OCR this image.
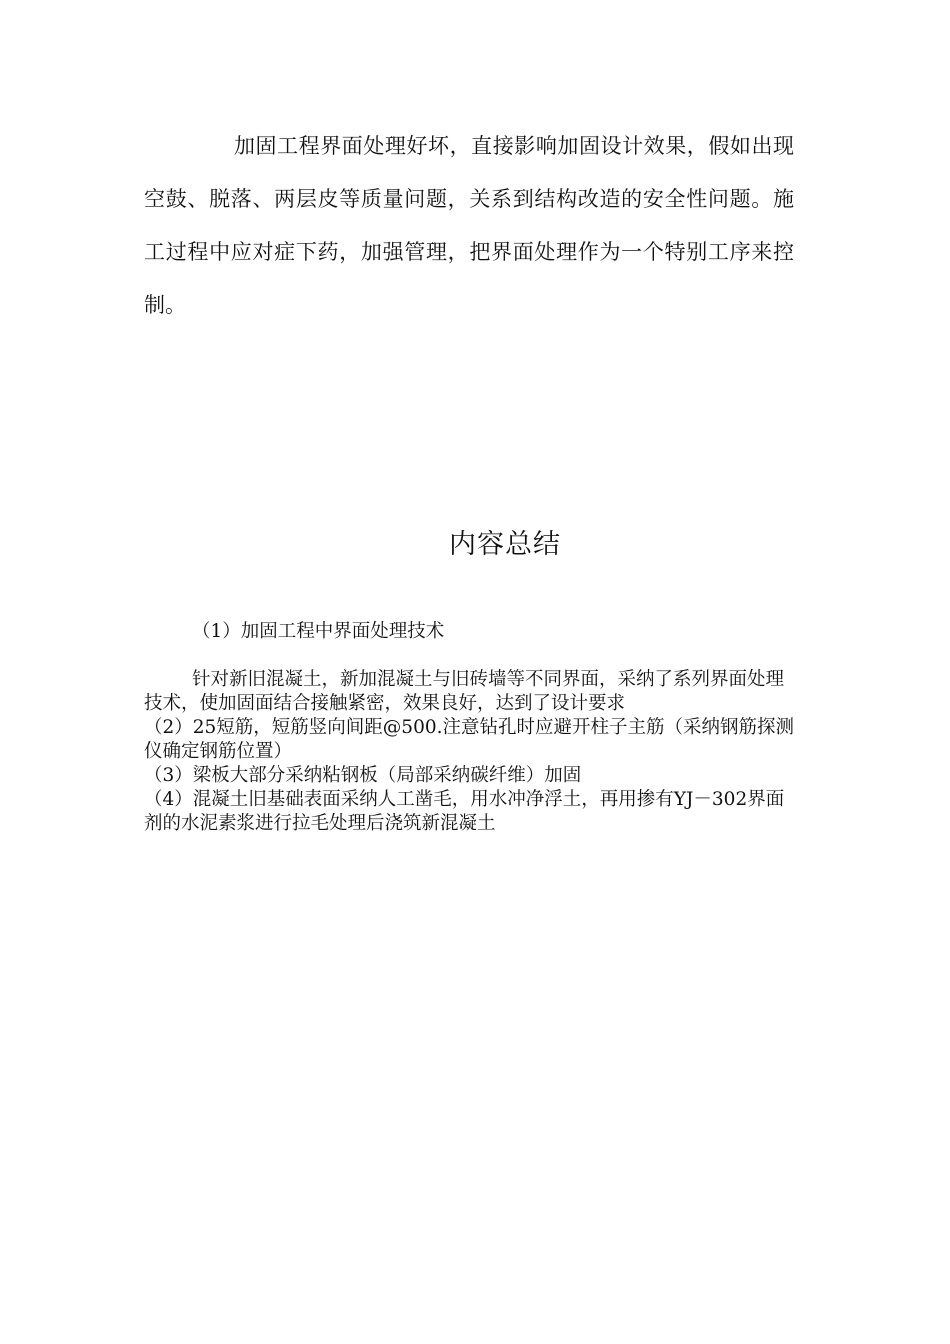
加固工程界面处理好坏，直接影响加固设计效果，假如出现空鼓、脱落、两层皮等质量问题，关系到结构改造的安全性问题。施工过程中应对症下药，加强管理，把界面处理作为一个特别工序来控制。

内容总结

（1）加固工程中界面处理技术

针对新旧混凝土，新加混凝土与旧砖墙等不同界面，采纳了系列界面处理技术，使加固面结合接触紧密，效果良好，达到了设计要求

（2）25短筋，短筋竖向间距@500.注意钻孔时应避开柱子主筋（采纳钢筋探测仪确定钢筋位置）

（3）梁板大部分采纳粘钢板（局部采纳碳纤维）加固

（4）混凝土旧基础表面采纳人工凿毛，用水冲净浮土，再用掺有YJ－302界面剂的水泥素浆进行拉毛处理后浇筑新混凝土
